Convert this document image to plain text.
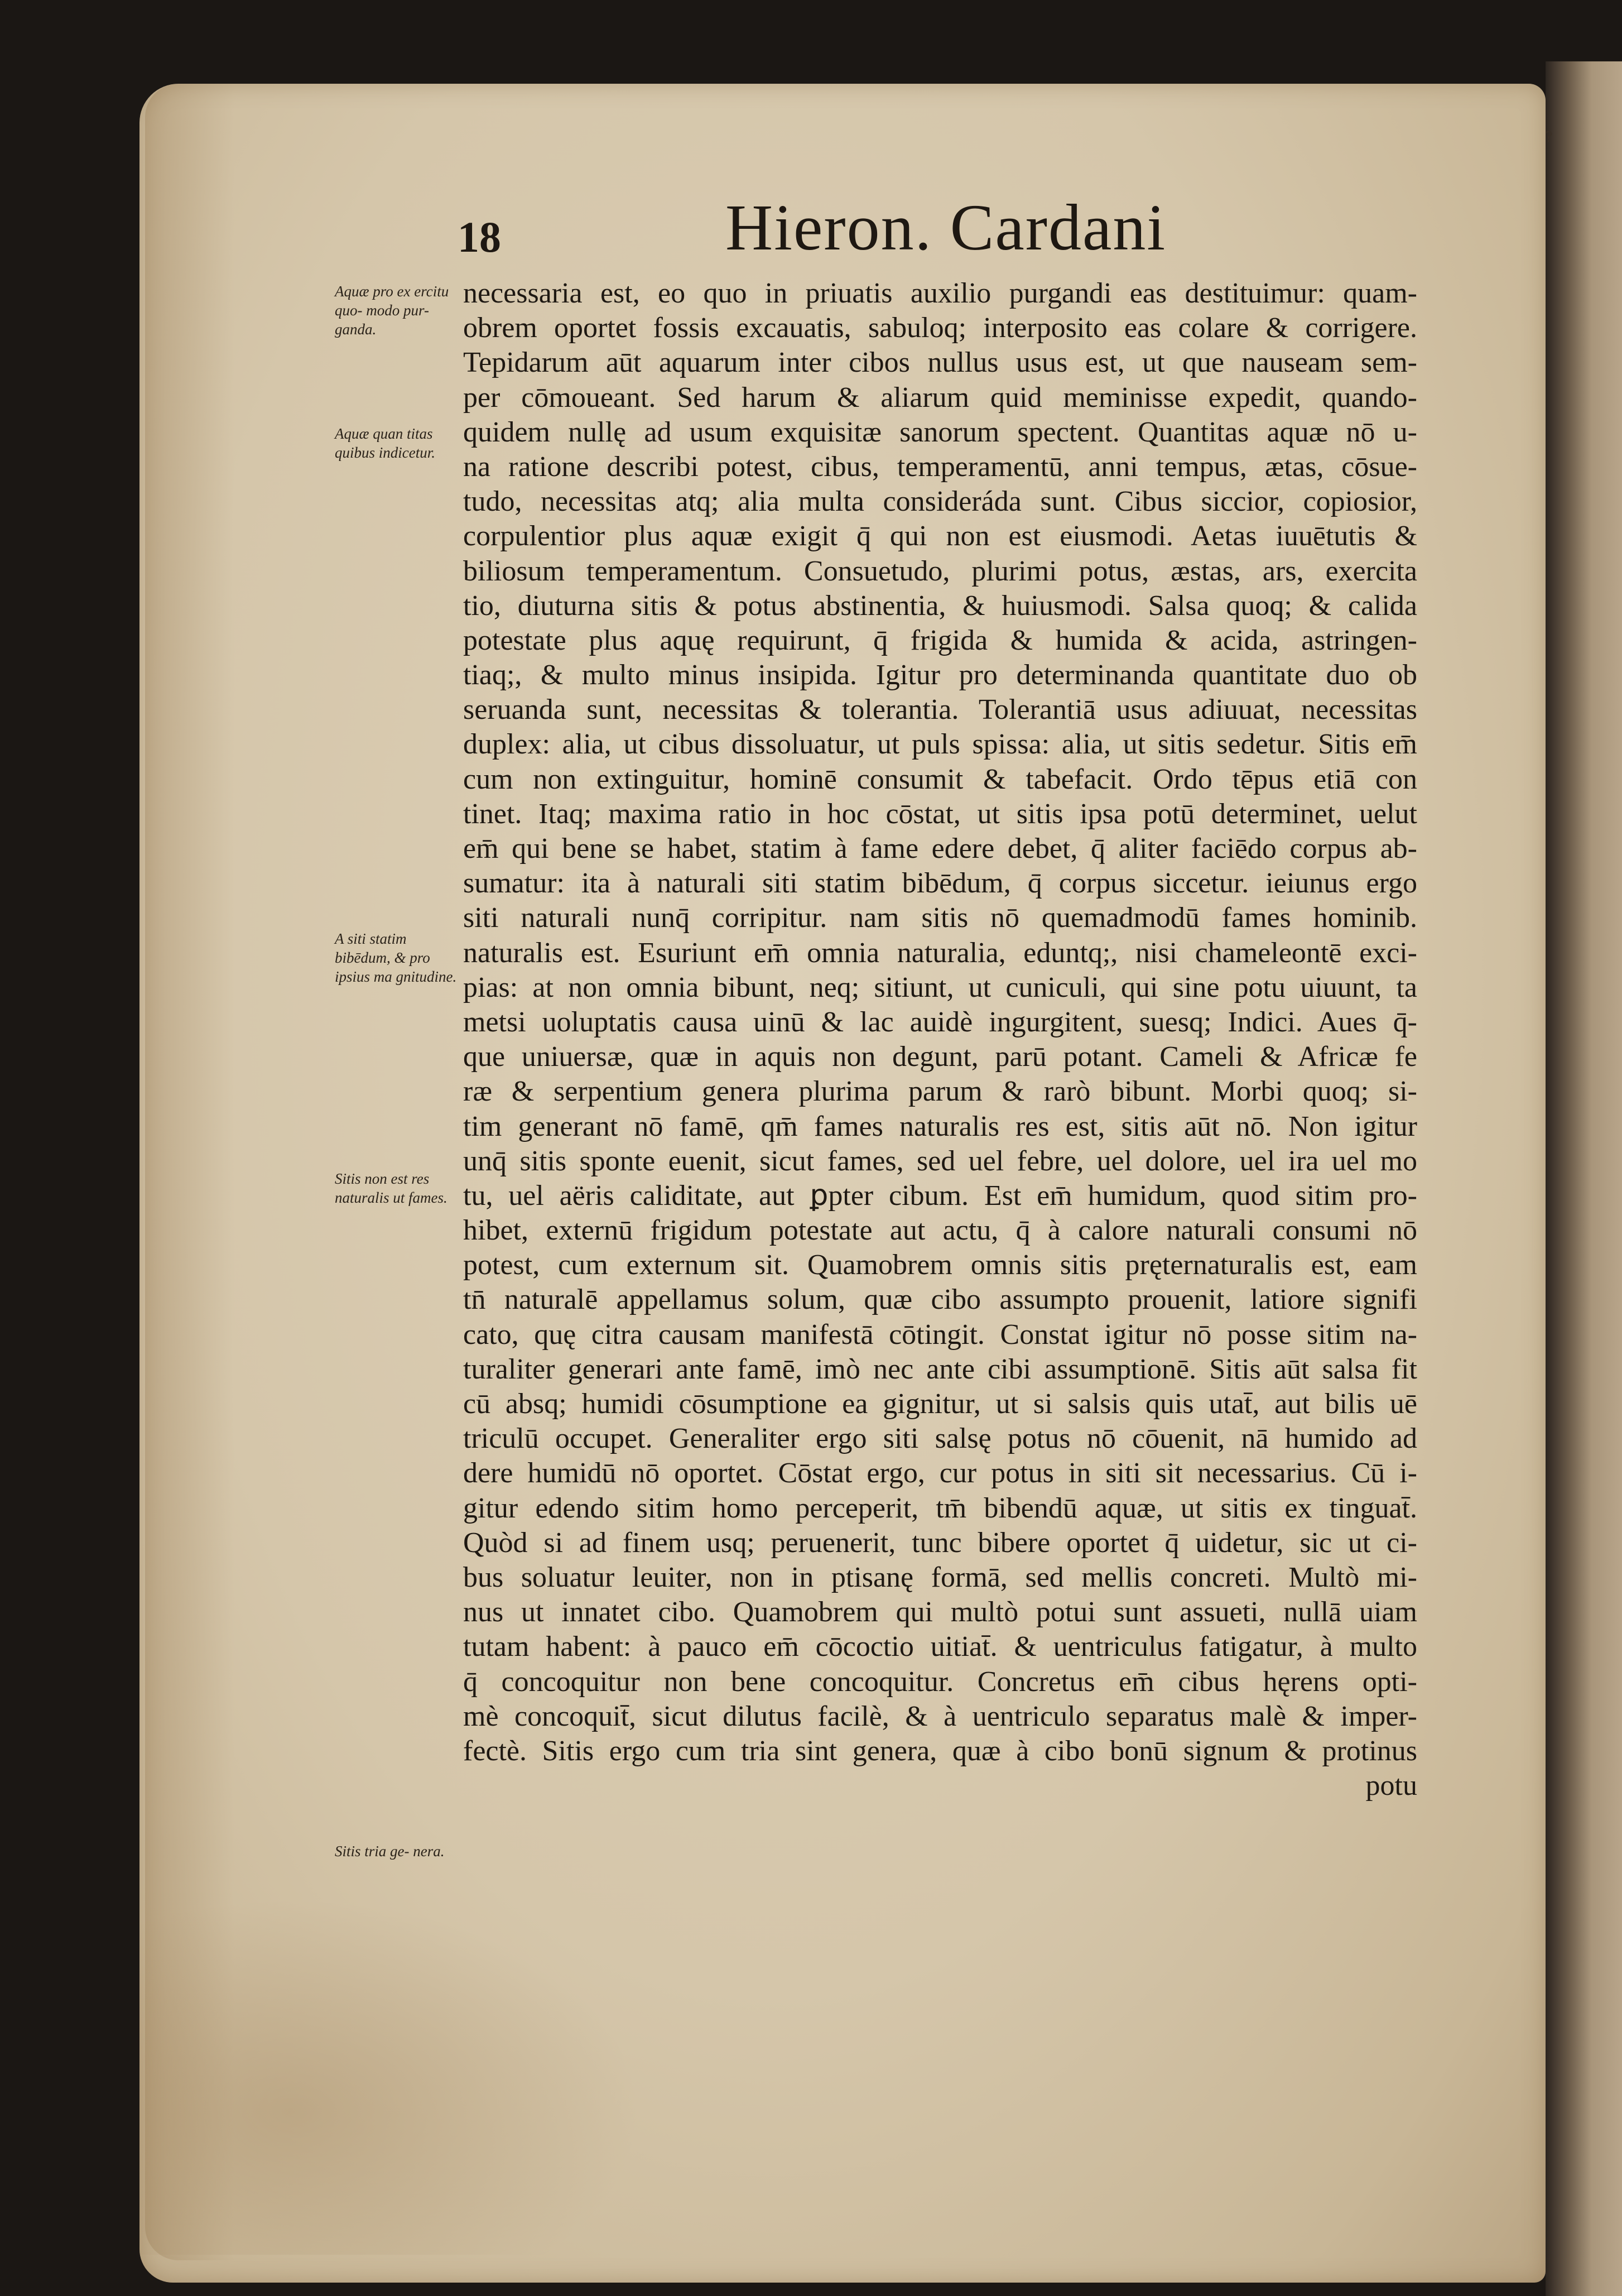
?
18	Hieron. Cardani
Aquæ pro ex ercitu quo- modo pur- ganda.
Aquæ quan titas quibus indicetur.
A siti statim bibēdum, & pro ipsius ma gnitudine.
Sitis non est res naturalis ut fames.
Sitis tria ge- nera.
necessaria est, eo quo in priuatis auxilio purgandi eas destituimur: quam-
obrem oportet fossis excauatis, sabuloq; interposito eas colare & corrigere.
Tepidarum aūt aquarum inter cibos nullus usus est, ut que nauseam sem-
per cōmoueant. Sed harum & aliarum quid meminisse expedit, quando-
quidem nullę ad usum exquisitæ sanorum spectent. Quantitas aquæ nō u-
na ratione describi potest, cibus, temperamentū, anni tempus, ætas, cōsue-
tudo, necessitas atq; alia multa consideráda sunt. Cibus siccior, copiosior,
corpulentior plus aquæ exigit q̄ qui non est eiusmodi. Aetas iuuētutis &
biliosum temperamentum. Consuetudo, plurimi potus, æstas, ars, exercita
tio, diuturna sitis & potus abstinentia, & huiusmodi. Salsa quoq; & calida
potestate plus aquę requirunt, q̄ frigida & humida & acida, astringen-
tiaq;, & multo minus insipida. Igitur pro determinanda quantitate duo ob
seruanda sunt, necessitas & tolerantia. Tolerantiā usus adiuuat, necessitas
duplex: alia, ut cibus dissoluatur, ut puls spissa: alia, ut sitis sedetur. Sitis em̄
cum non extinguitur, hominē consumit & tabefacit. Ordo tēpus etiā con
tinet. Itaq; maxima ratio in hoc cōstat, ut sitis ipsa potū determinet, uelut
em̄ qui bene se habet, statim à fame edere debet, q̄ aliter faciēdo corpus ab-
sumatur: ita à naturali siti statim bibēdum, q̄ corpus siccetur. ieiunus ergo
siti naturali nunq̄ corripitur. nam sitis nō quemadmodū fames hominib.
naturalis est. Esuriunt em̄ omnia naturalia, eduntq;, nisi chameleontē exci-
pias: at non omnia bibunt, neq; sitiunt, ut cuniculi, qui sine potu uiuunt, ta
metsi uoluptatis causa uinū & lac auidè ingurgitent, suesq; Indici. Aues q̄-
que uniuersæ, quæ in aquis non degunt, parū potant. Cameli & Africæ fe
ræ & serpentium genera plurima parum & rarò bibunt. Morbi quoq; si-
tim generant nō famē, qm̄ fames naturalis res est, sitis aūt nō. Non igitur
unq̄ sitis sponte euenit, sicut fames, sed uel febre, uel dolore, uel ira uel mo
tu, uel aëris caliditate, aut ꝑpter cibum. Est em̄ humidum, quod sitim pro-
hibet, externū frigidum potestate aut actu, q̄ à calore naturali consumi nō
potest, cum externum sit. Quamobrem omnis sitis pręternaturalis est, eam
tn̄ naturalē appellamus solum, quæ cibo assumpto prouenit, latiore signifi
cato, quę citra causam manifestā cōtingit. Constat igitur nō posse sitim na-
turaliter generari ante famē, imò nec ante cibi assumptionē. Sitis aūt salsa fit
cū absq; humidi cōsumptione ea gignitur, ut si salsis quis utat̄, aut bilis uē
triculū occupet. Generaliter ergo siti salsę potus nō cōuenit, nā humido ad
dere humidū nō oportet. Cōstat ergo, cur potus in siti sit necessarius. Cū i-
gitur edendo sitim homo perceperit, tm̄ bibendū aquæ, ut sitis ex tinguat̄.
Quòd si ad finem usq; peruenerit, tunc bibere oportet q̄ uidetur, sic ut ci-
bus soluatur leuiter, non in ptisanę formā, sed mellis concreti. Multò mi-
nus ut innatet cibo. Quamobrem qui multò potui sunt assueti, nullā uiam
tutam habent: à pauco em̄ cōcoctio uitiat̄. & uentriculus fatigatur, à multo
q̄ concoquitur non bene concoquitur. Concretus em̄ cibus hęrens opti-
mè concoquit̄, sicut dilutus facilè, & à uentriculo separatus malè & imper-
fectè. Sitis ergo cum tria sint genera, quæ à cibo bonū signum & protinus
potu
